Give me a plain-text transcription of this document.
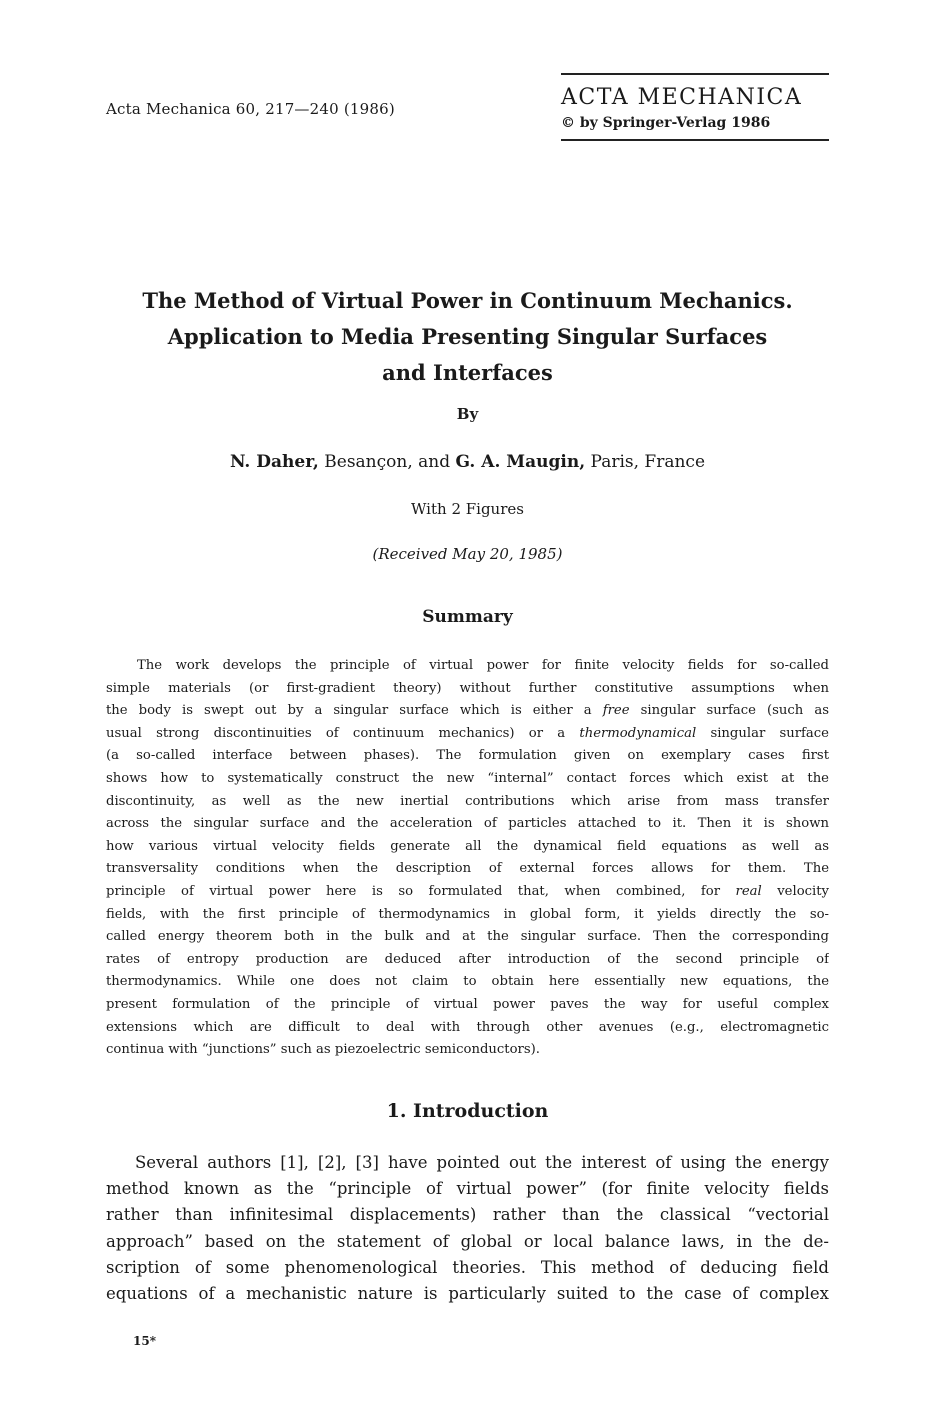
Acta Mechanica 60, 217—240 (1986)	ACTA MECHANICA
© by Springer-Verlag 1986
The Method of Virtual Power in Continuum Mechanics.
Application to Media Presenting Singular Surfaces
and Interfaces
By
N. Daher, Besançon, and G. A. Maugin, Paris, France
With 2 Figures
(Received May 20, 1985)
Summary
The work develops the principle of virtual power for finite velocity fields for so-called
simple materials (or first-gradient theory) without further constitutive assumptions when
the body is swept out by a singular surface which is either a free singular surface (such as
usual strong discontinuities of continuum mechanics) or a thermodynamical singular surface
(a so-called interface between phases). The formulation given on exemplary cases first
shows how to systematically construct the new “internal” contact forces which exist at the
discontinuity, as well as the new inertial contributions which arise from mass transfer
across the singular surface and the acceleration of particles attached to it. Then it is shown
how various virtual velocity fields generate all the dynamical field equations as well as
transversality conditions when the description of external forces allows for them. The
principle of virtual power here is so formulated that, when combined, for real velocity
fields, with the first principle of thermodynamics in global form, it yields directly the so-
called energy theorem both in the bulk and at the singular surface. Then the corresponding
rates of entropy production are deduced after introduction of the second principle of
thermodynamics. While one does not claim to obtain here essentially new equations, the
present formulation of the principle of virtual power paves the way for useful complex
extensions which are difficult to deal with through other avenues (e.g., electromagnetic
continua with “junctions” such as piezoelectric semiconductors).
1. Introduction
Several authors [1], [2], [3] have pointed out the interest of using the energy
method known as the “principle of virtual power” (for finite velocity fields
rather than infinitesimal displacements) rather than the classical “vectorial
approach” based on the statement of global or local balance laws, in the de-
scription of some phenomenological theories. This method of deducing field
equations of a mechanistic nature is particularly suited to the case of complex
15*
